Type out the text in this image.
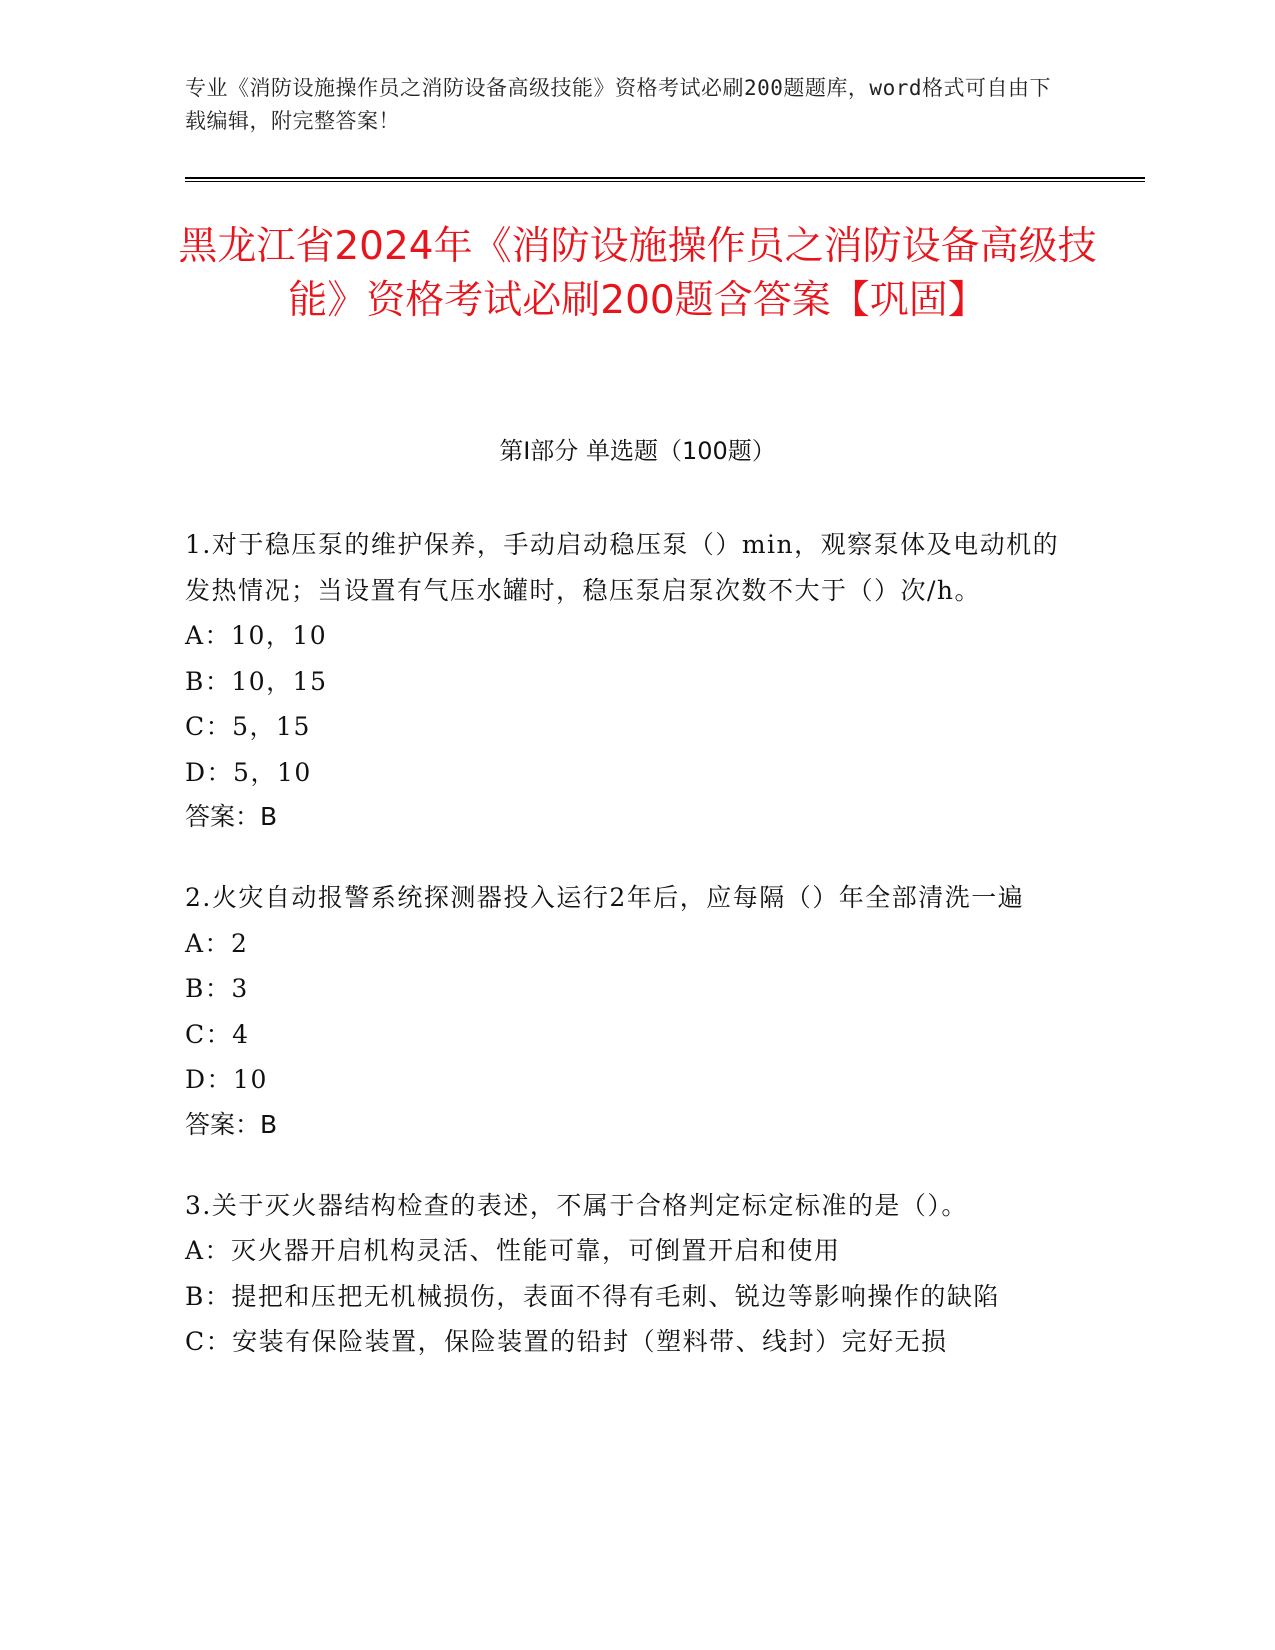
专业《消防设施操作员之消防设备高级技能》资格考试必刷200题题库，word格式可自由下载编辑，附完整答案！
黑龙江省2024年《消防设施操作员之消防设备高级技能》资格考试必刷200题含答案【巩固】
第Ⅰ部分 单选题（100题）

1.对于稳压泵的维护保养，手动启动稳压泵（）min，观察泵体及电动机的发热情况；当设置有气压水罐时，稳压泵启泵次数不大于（）次/h。

A：10，10

B：10，15

C：5，15

D：5，10

答案：B

2.火灾自动报警系统探测器投入运行2年后，应每隔（）年全部清洗一遍

A：2

B：3

C：4

D：10

答案：B

3.关于灭火器结构检查的表述，不属于合格判定标定标准的是（）。

A：灭火器开启机构灵活、性能可靠，可倒置开启和使用

B：提把和压把无机械损伤，表面不得有毛刺、锐边等影响操作的缺陷

C：安装有保险装置，保险装置的铅封（塑料带、线封）完好无损
